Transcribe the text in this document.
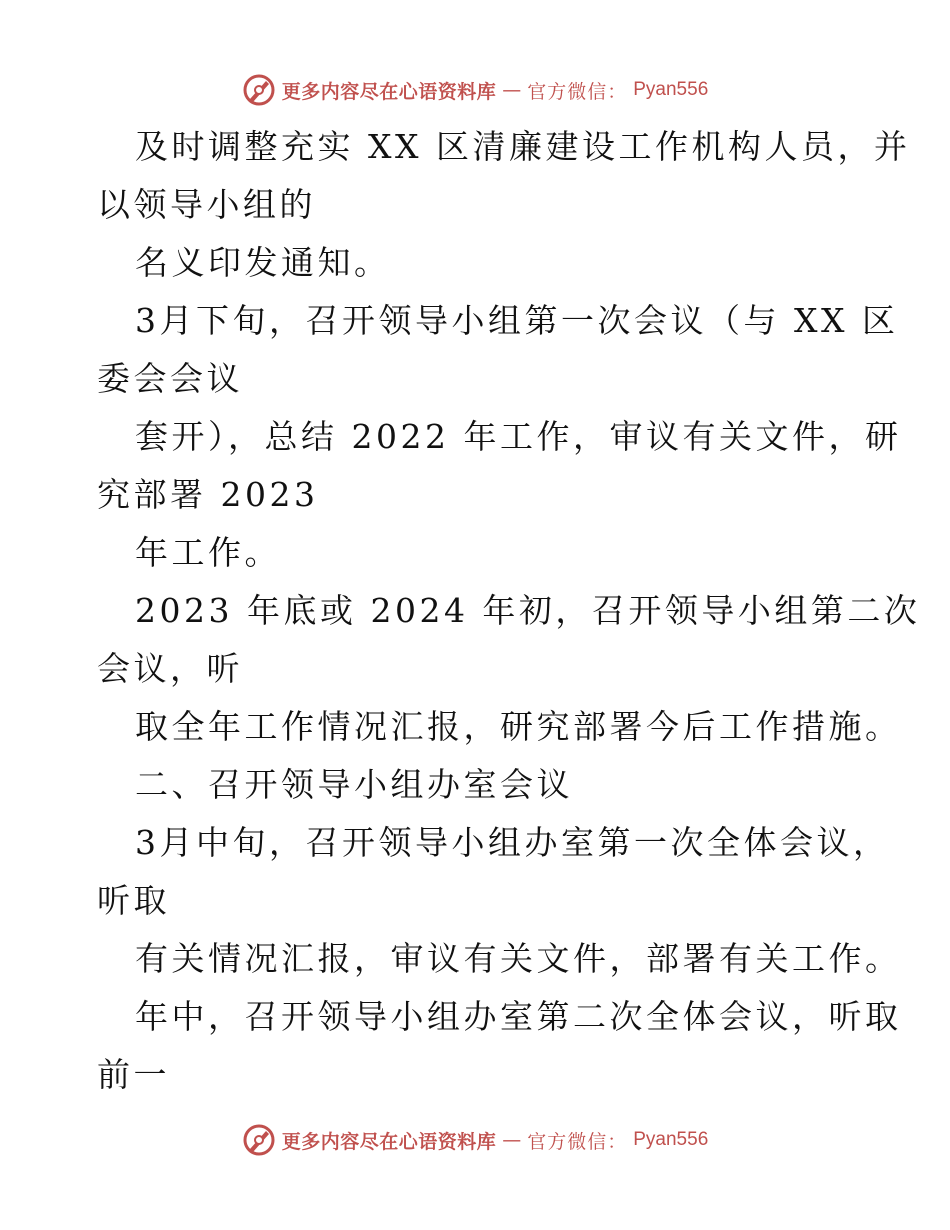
更多内容尽在心语资料库 — 官方微信： Pyan556
及时调整充实 XX 区清廉建设工作机构人员，并
以领导小组的
名义印发通知。
3月下旬，召开领导小组第一次会议（与 XX 区
委会会议
套开），总结 2022 年工作，审议有关文件，研
究部署 2023
年工作。
2023 年底或 2024 年初，召开领导小组第二次
会议，听
取全年工作情况汇报，研究部署今后工作措施。
二、召开领导小组办室会议
3月中旬，召开领导小组办室第一次全体会议，
听取
有关情况汇报，审议有关文件，部署有关工作。
年中，召开领导小组办室第二次全体会议，听取
前一
更多内容尽在心语资料库 — 官方微信： Pyan556
